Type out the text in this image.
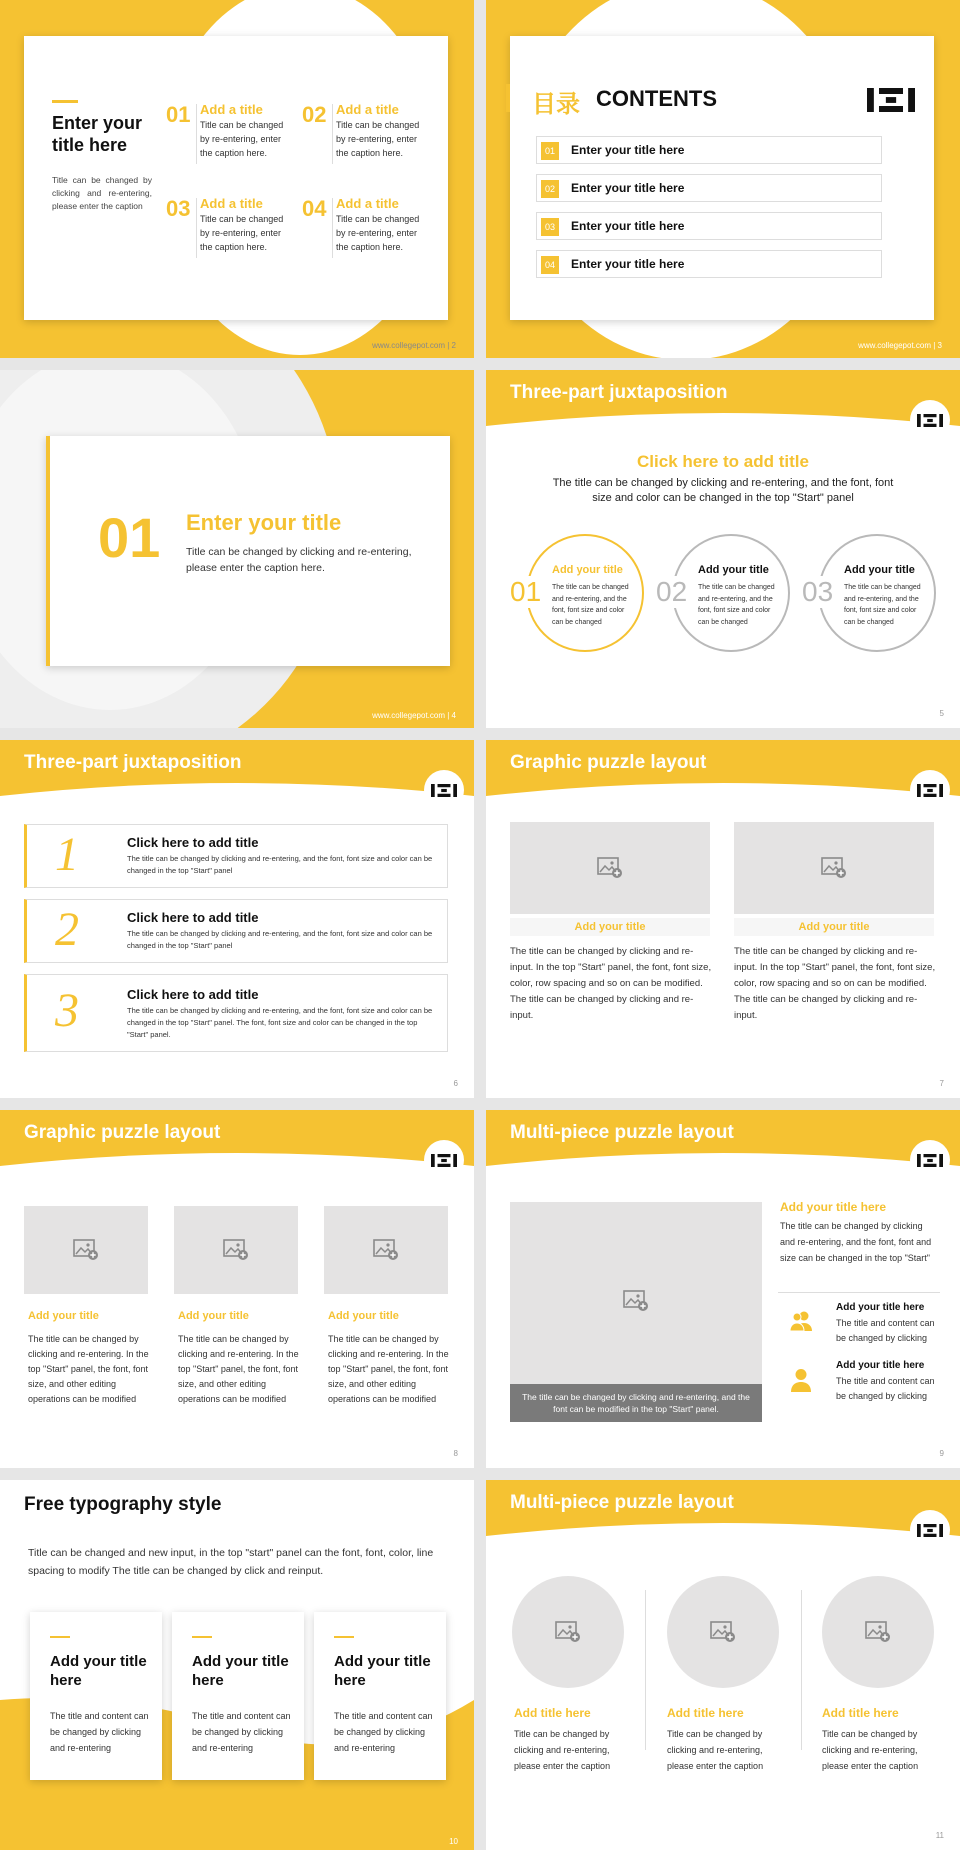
Enter your title here
Title can be changed by clicking and re-entering, please enter the caption
01 Add a title
Title can be changed by re-entering, enter the caption here.
02 Add a title
Title can be changed by re-entering, enter the caption here.
03 Add a title
Title can be changed by re-entering, enter the caption here.
04 Add a title
Title can be changed by re-entering, enter the caption here.
www.collegepot.com | 2
目录 CONTENTS
01	Enter your title here
02	Enter your title here
03	Enter your title here
04	Enter your title here
www.collegepot.com | 3
01 Enter your title
Title can be changed by clicking and re-entering, please enter the caption here.
www.collegepot.com | 4
Three-part juxtaposition
Click here to add title
The title can be changed by clicking and re-entering, and the font, font size and color can be changed in the top "Start" panel
01
Add your title
The title can be changed and re-entering, and the font, font size and color can be changed
02
Add your title
The title can be changed and re-entering, and the font, font size and color can be changed
03
Add your title
The title can be changed and re-entering, and the font, font size and color can be changed
5
Three-part juxtaposition
1	Click here to add title
The title can be changed by clicking and re-entering, and the font, font size and color can be changed in the top "Start" panel
2	Click here to add title
The title can be changed by clicking and re-entering, and the font, font size and color can be changed in the top "Start" panel
3	Click here to add title
The title can be changed by clicking and re-entering, and the font, font size and color can be changed in the top "Start" panel. The font, font size and color can be changed in the top "Start" panel.
6
Graphic puzzle layout
Add your title
The title can be changed by clicking and re-input. In the top "Start" panel, the font, font size, color, row spacing and so on can be modified. The title can be changed by clicking and re-input.
Add your title
The title can be changed by clicking and re-input. In the top "Start" panel, the font, font size, color, row spacing and so on can be modified. The title can be changed by clicking and re-input.
7
Graphic puzzle layout
Add your title
The title can be changed by clicking and re-entering. In the top "Start" panel, the font, font size, and other editing operations can be modified
Add your title
The title can be changed by clicking and re-entering. In the top "Start" panel, the font, font size, and other editing operations can be modified
Add your title
The title can be changed by clicking and re-entering. In the top "Start" panel, the font, font size, and other editing operations can be modified
8
Multi-piece puzzle layout
The title can be changed by clicking and re-entering, and the font can be modified in the top "Start" panel.
Add your title here
The title can be changed by clicking and re-entering, and the font, font and size can be changed in the top "Start"
Add your title here
The title and content can be changed by clicking
Add your title here
The title and content can be changed by clicking
9
Free typography style
Title can be changed and new input, in the top "start" panel can the font, font, color, line spacing to modify The title can be changed by click and reinput.
Add your title here
The title and content can be changed by clicking and re-entering
Add your title here
The title and content can be changed by clicking and re-entering
Add your title here
The title and content can be changed by clicking and re-entering
10
Multi-piece puzzle layout
Add title here
Title can be changed by clicking and re-entering, please enter the caption
Add title here
Title can be changed by clicking and re-entering, please enter the caption
Add title here
Title can be changed by clicking and re-entering, please enter the caption
11
